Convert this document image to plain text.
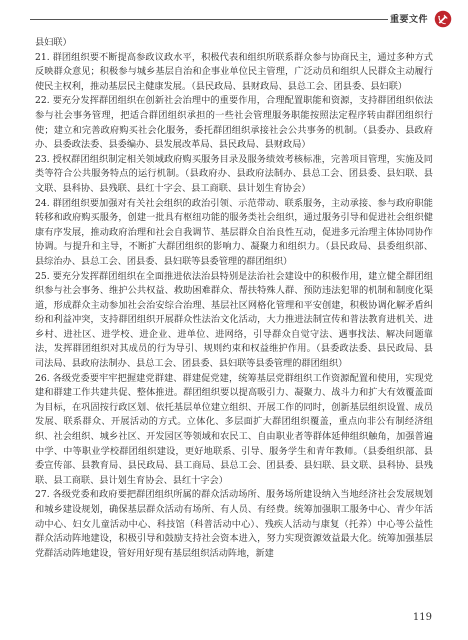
重要文件

县妇联）

21. 群团组织要不断提高参政议政水平，积极代表和组织所联系群众参与协商民主，通过多种方式反映群众意见；积极参与城乡基层自治和企事业单位民主管理，广泛动员和组织人民群众主动履行使民主权利，推动基层民主健康发展。（县民政局、县财政局、县总工会、团县委、县妇联）

22. 要充分发挥群团组织在创新社会治理中的重要作用，合理配置职能和资源，支持群团组织依法参与社会事务管理，把适合群团组织承担的一些社会管理服务职能按照法定程序转由群团组织行使；建立和完善政府购买社会化服务，委托群团组织承接社会公共事务的机制。（县委办、县政府办、县委政法委、县委编办、县发展改革局、县民政局、县财政局）

23. 授权群团组织制定相关领域政府购买服务目录及服务绩效考核标准，完善项目管理，实施及同类等符合公共服务特点的运行机制。（县政府办、县政府法制办、县总工会、团县委、县妇联、县文联、县科协、县残联、县红十字会、县工商联、县计划生育协会）

24. 群团组织要加强对有关社会组织的政治引领、示范带动、联系服务，主动承接、参与政府职能转移和政府购买服务，创建一批具有枢纽功能的服务类社会组织，通过服务引导和促进社会组织健康有序发展，推动政府治理和社会自我调节、基层群众自治良性互动，促进多元治理主体协同协作协调。与提升和主导，不断扩大群团组织的影响力、凝聚力和组织力。（县民政局、县委组织部、县综治办、县总工会、团县委、县妇联等县委管理的群团组织）

25. 要充分发挥群团组织在全面推进依法治县特别是法治社会建设中的积极作用，建立健全群团组织参与社会事务、维护公共权益、救助困难群众、帮扶特殊人群、预防违法犯罪的机制和制度化渠道，形成群众主动参加社会治安综合治理、基层社区网格化管理和平安创建，积极协调化解矛盾纠纷和利益冲突，支持群团组织开展群众性法治文化活动，大力推进法制宣传和普法教育进机关、进乡村、进社区、进学校、进企业、进单位、进网络，引导群众自觉守法、遇事找法、解决问题靠法，发挥群团组织对其成员的行为导引、规则约束和权益维护作用。（县委政法委、县民政局、县司法局、县政府法制办、县总工会、团县委、县妇联等县委管理的群团组织）

26. 各级党委要牢牢把握建党群建、群建促党建，统筹基层党群组织工作资源配置和使用，实现党建和群建工作共建共促、整体推进。群团组织要以提高吸引力、凝聚力、战斗力和扩大有效覆盖面为目标，在巩固按行政区划、依托基层单位建立组织、开展工作的同时，创新基层组织设置、成员发展、联系群众、开展活动的方式。立体化、多层面扩大群团组织覆盖，重点向非公有制经济组织、社会组织、城乡社区、开发园区等领域和农民工、自由职业者等群体延伸组织触角，加强普遍中学、中等职业学校群团组织建设，更好地联系、引导、服务学生和青年教师。（县委组织部、县委宣传部、县教育局、县民政局、县工商局、县总工会、团县委、县妇联、县文联、县科协、县残联、县工商联、县计划生育协会、县红十字会）

27. 各级党委和政府要把群团组织所属的群众活动场所、服务场所建设纳入当地经济社会发展规划和城乡建设规划，确保基层群众活动有场所、有人员、有经费。统筹加强职工服务中心、青少年活动中心、妇女儿童活动中心、科技馆（科普活动中心）、残疾人活动与康复（托养）中心等公益性群众活动阵地建设，积极引导和鼓励支持社会资本进入，努力实现资源效益最大化。统筹加强基层党群活动阵地建设，管好用好现有基层组织活动阵地，新建

119
